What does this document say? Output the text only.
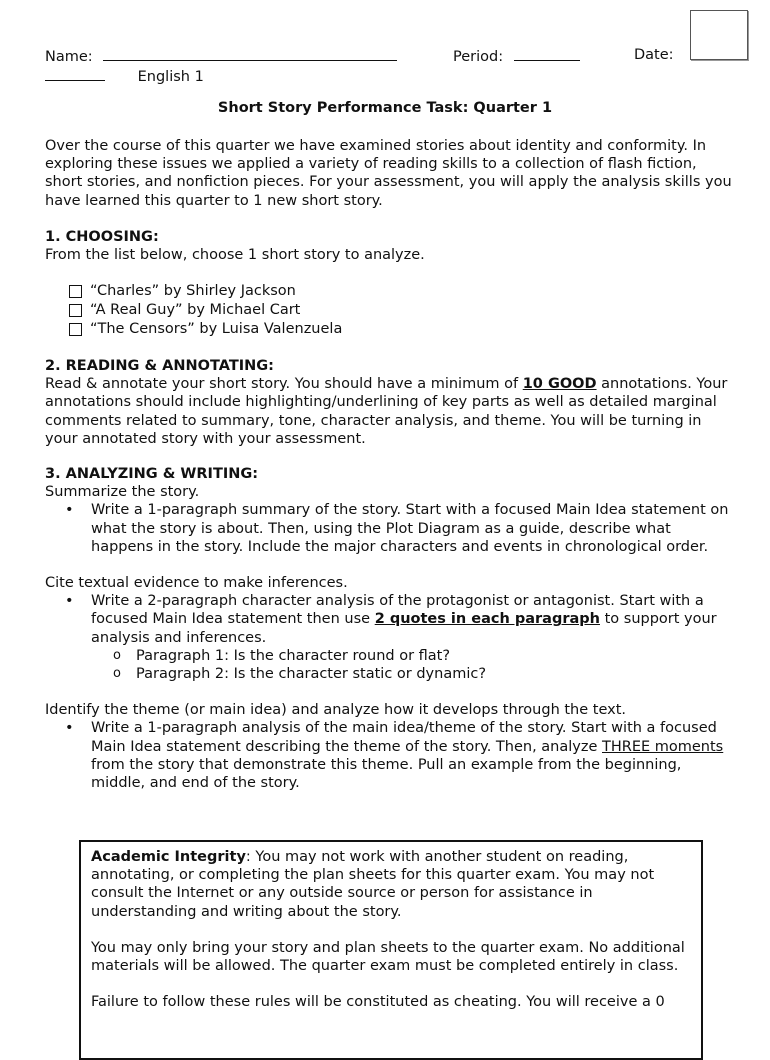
Name:	Period:	Date:
English 1
Short Story Performance Task: Quarter 1

Over the course of this quarter we have examined stories about identity and conformity. In exploring these issues we applied a variety of reading skills to a collection of flash fiction, short stories, and nonfiction pieces. For your assessment, you will apply the analysis skills you have learned this quarter to 1 new short story.

1. CHOOSING:
From the list below, choose 1 short story to analyze.
“Charles” by Shirley Jackson
“A Real Guy” by Michael Cart
“The Censors” by Luisa Valenzuela
2. READING & ANNOTATING:
Read & annotate your short story. You should have a minimum of 10 GOOD annotations. Your annotations should include highlighting/underlining of key parts as well as detailed marginal comments related to summary, tone, character analysis, and theme. You will be turning in your annotated story with your assessment.
3. ANALYZING & WRITING:
Summarize the story.
• Write a 1-paragraph summary of the story. Start with a focused Main Idea statement on what the story is about. Then, using the Plot Diagram as a guide, describe what happens in the story. Include the major characters and events in chronological order.
Cite textual evidence to make inferences.
• Write a 2-paragraph character analysis of the protagonist or antagonist. Start with a focused Main Idea statement then use 2 quotes in each paragraph to support your analysis and inferences.
o Paragraph 1: Is the character round or flat?
o Paragraph 2: Is the character static or dynamic?
Identify the theme (or main idea) and analyze how it develops through the text.
• Write a 1-paragraph analysis of the main idea/theme of the story. Start with a focused Main Idea statement describing the theme of the story. Then, analyze THREE moments from the story that demonstrate this theme. Pull an example from the beginning, middle, and end of the story.

Academic Integrity: You may not work with another student on reading, annotating, or completing the plan sheets for this quarter exam. You may not consult the Internet or any outside source or person for assistance in understanding and writing about the story.

You may only bring your story and plan sheets to the quarter exam. No additional materials will be allowed. The quarter exam must be completed entirely in class.

Failure to follow these rules will be constituted as cheating. You will receive a 0
